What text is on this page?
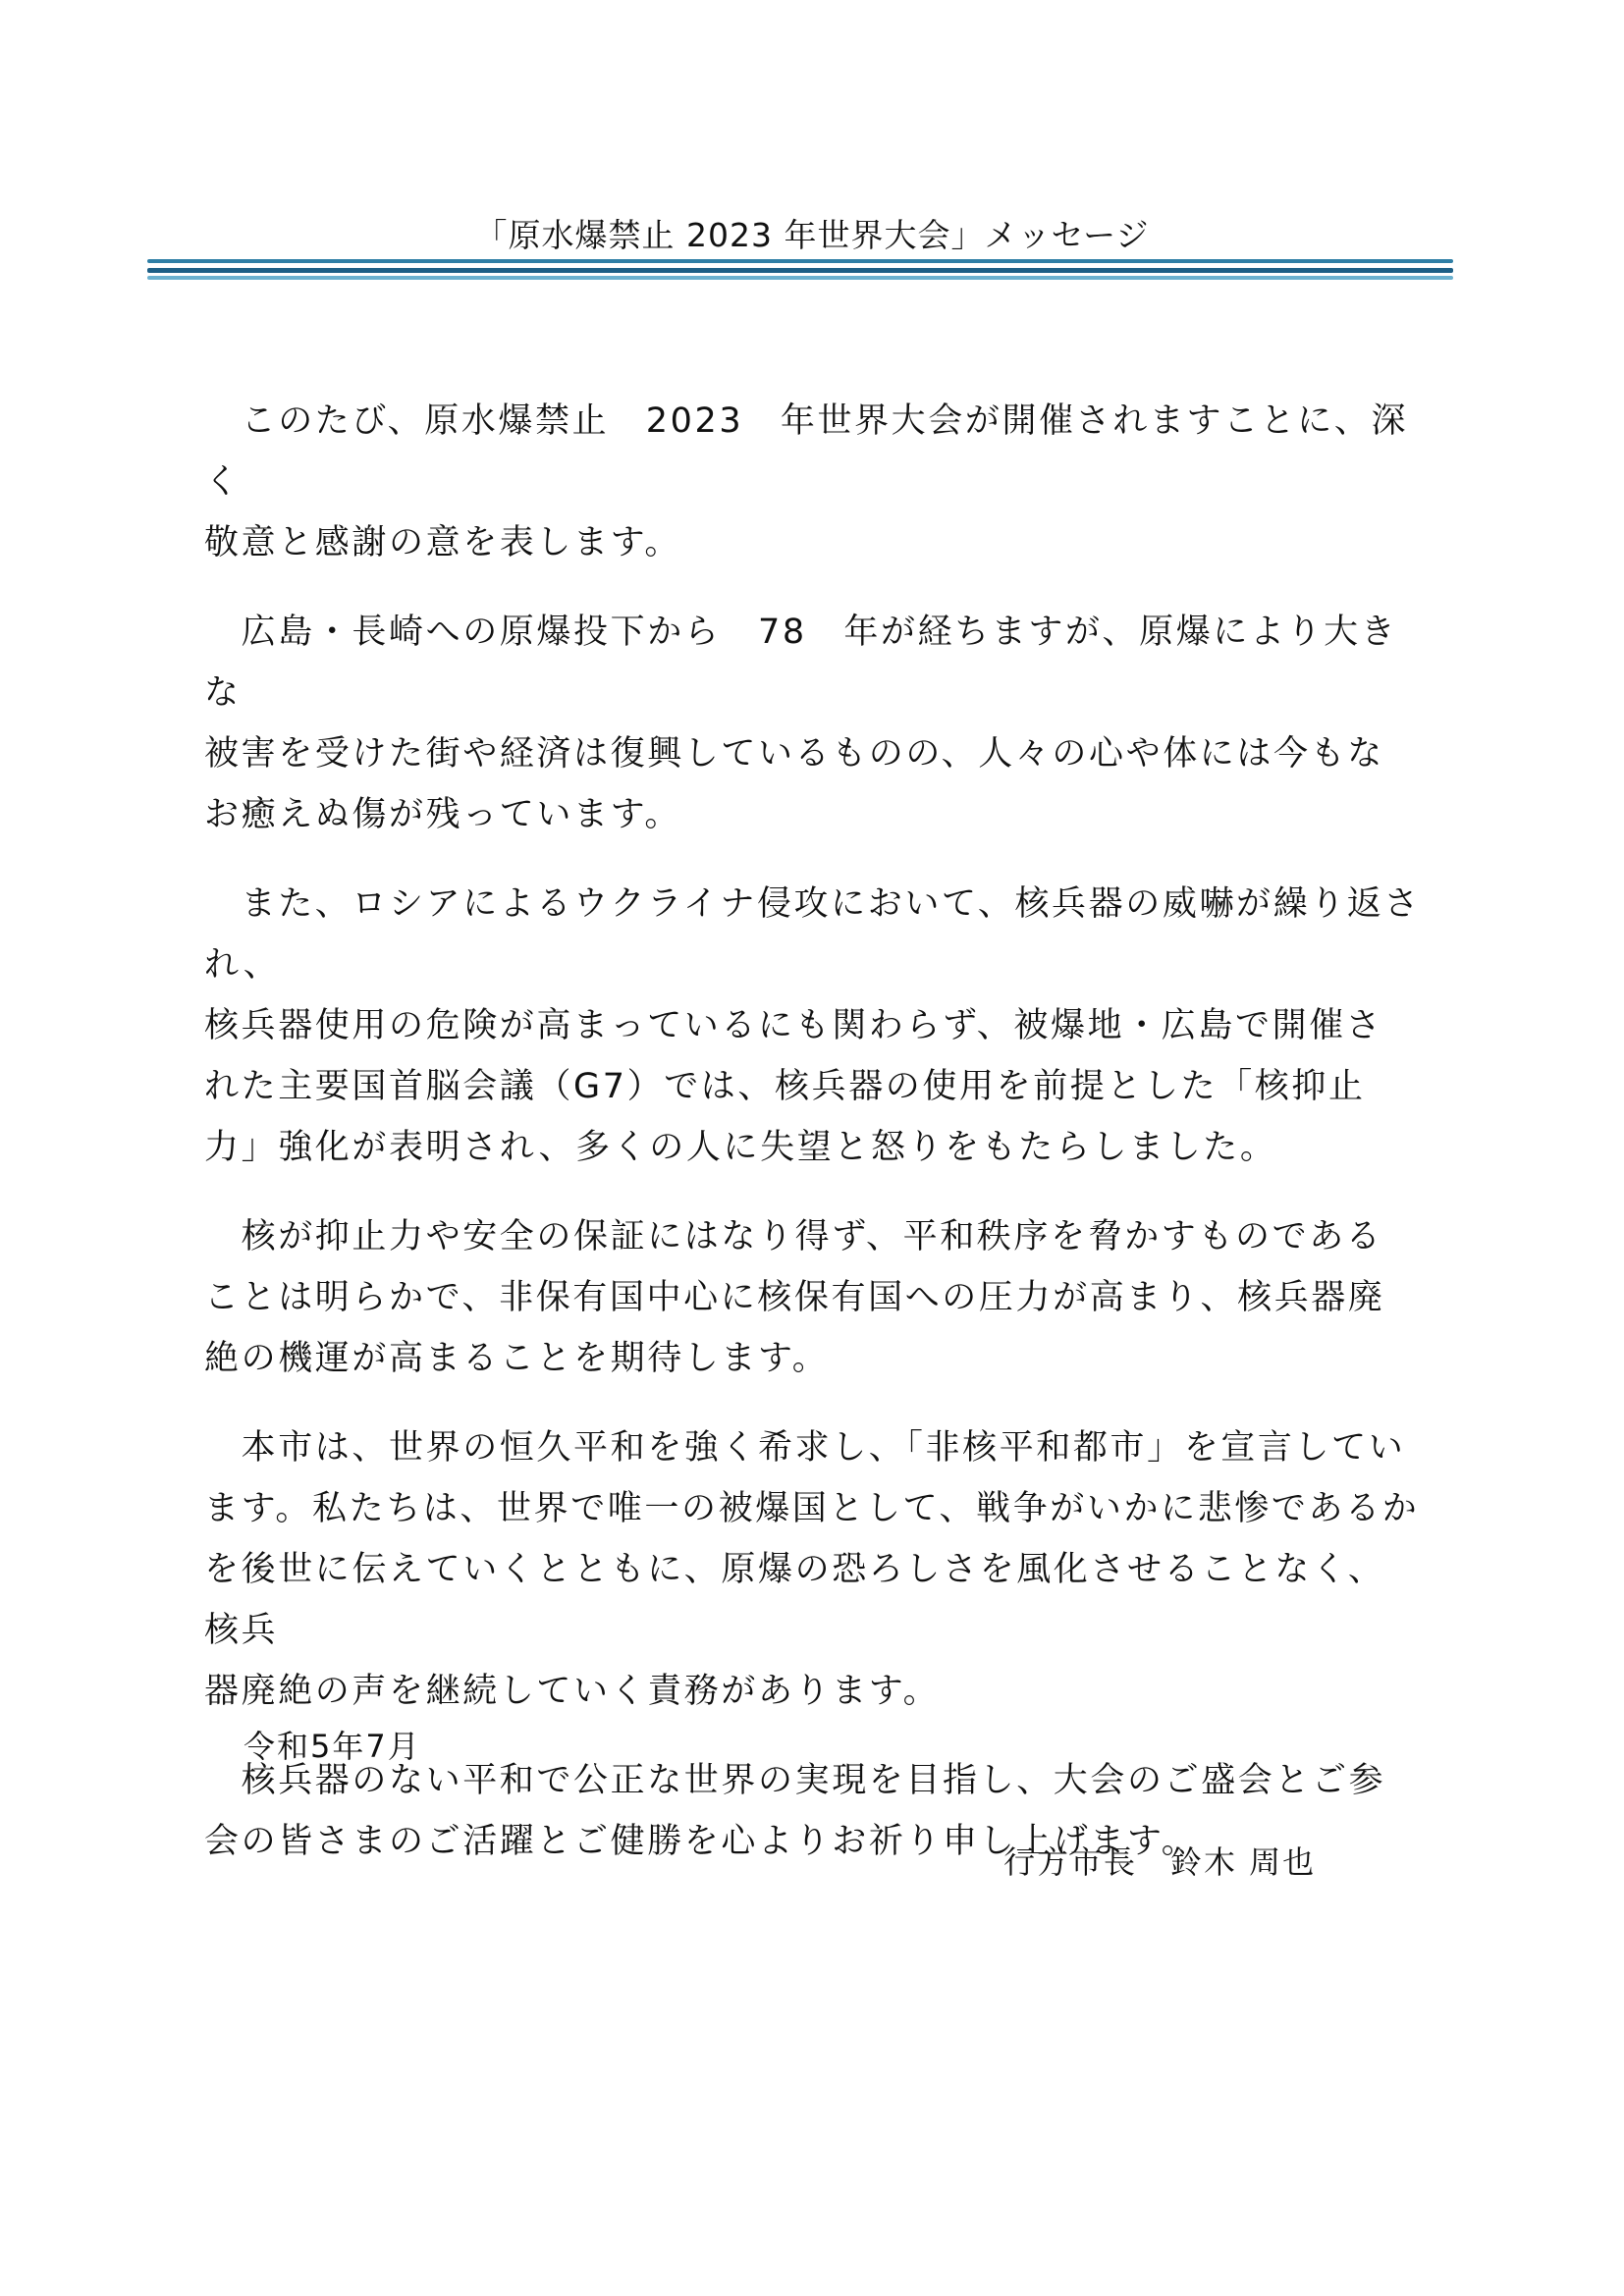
「原水爆禁止 2023 年世界大会」メッセージ

　このたび、原水爆禁止　2023　年世界大会が開催されますことに、深く
敬意と感謝の意を表します。

　広島・長崎への原爆投下から　78　年が経ちますが、原爆により大きな
被害を受けた街や経済は復興しているものの、人々の心や体には今もな
お癒えぬ傷が残っています。

　また、ロシアによるウクライナ侵攻において、核兵器の威嚇が繰り返され、
核兵器使用の危険が高まっているにも関わらず、被爆地・広島で開催さ
れた主要国首脳会議（G7）では、核兵器の使用を前提とした「核抑止
力」強化が表明され、多くの人に失望と怒りをもたらしました。

　核が抑止力や安全の保証にはなり得ず、平和秩序を脅かすものである
ことは明らかで、非保有国中心に核保有国への圧力が高まり、核兵器廃
絶の機運が高まることを期待します。

　本市は、世界の恒久平和を強く希求し、「非核平和都市」を宣言してい
ます。私たちは、世界で唯一の被爆国として、戦争がいかに悲惨であるか
を後世に伝えていくとともに、原爆の恐ろしさを風化させることなく、核兵
器廃絶の声を継続していく責務があります。

　核兵器のない平和で公正な世界の実現を目指し、大会のご盛会とご参
会の皆さまのご活躍とご健勝を心よりお祈り申し上げます。

令和5年7月
行方市長　鈴木 周也
